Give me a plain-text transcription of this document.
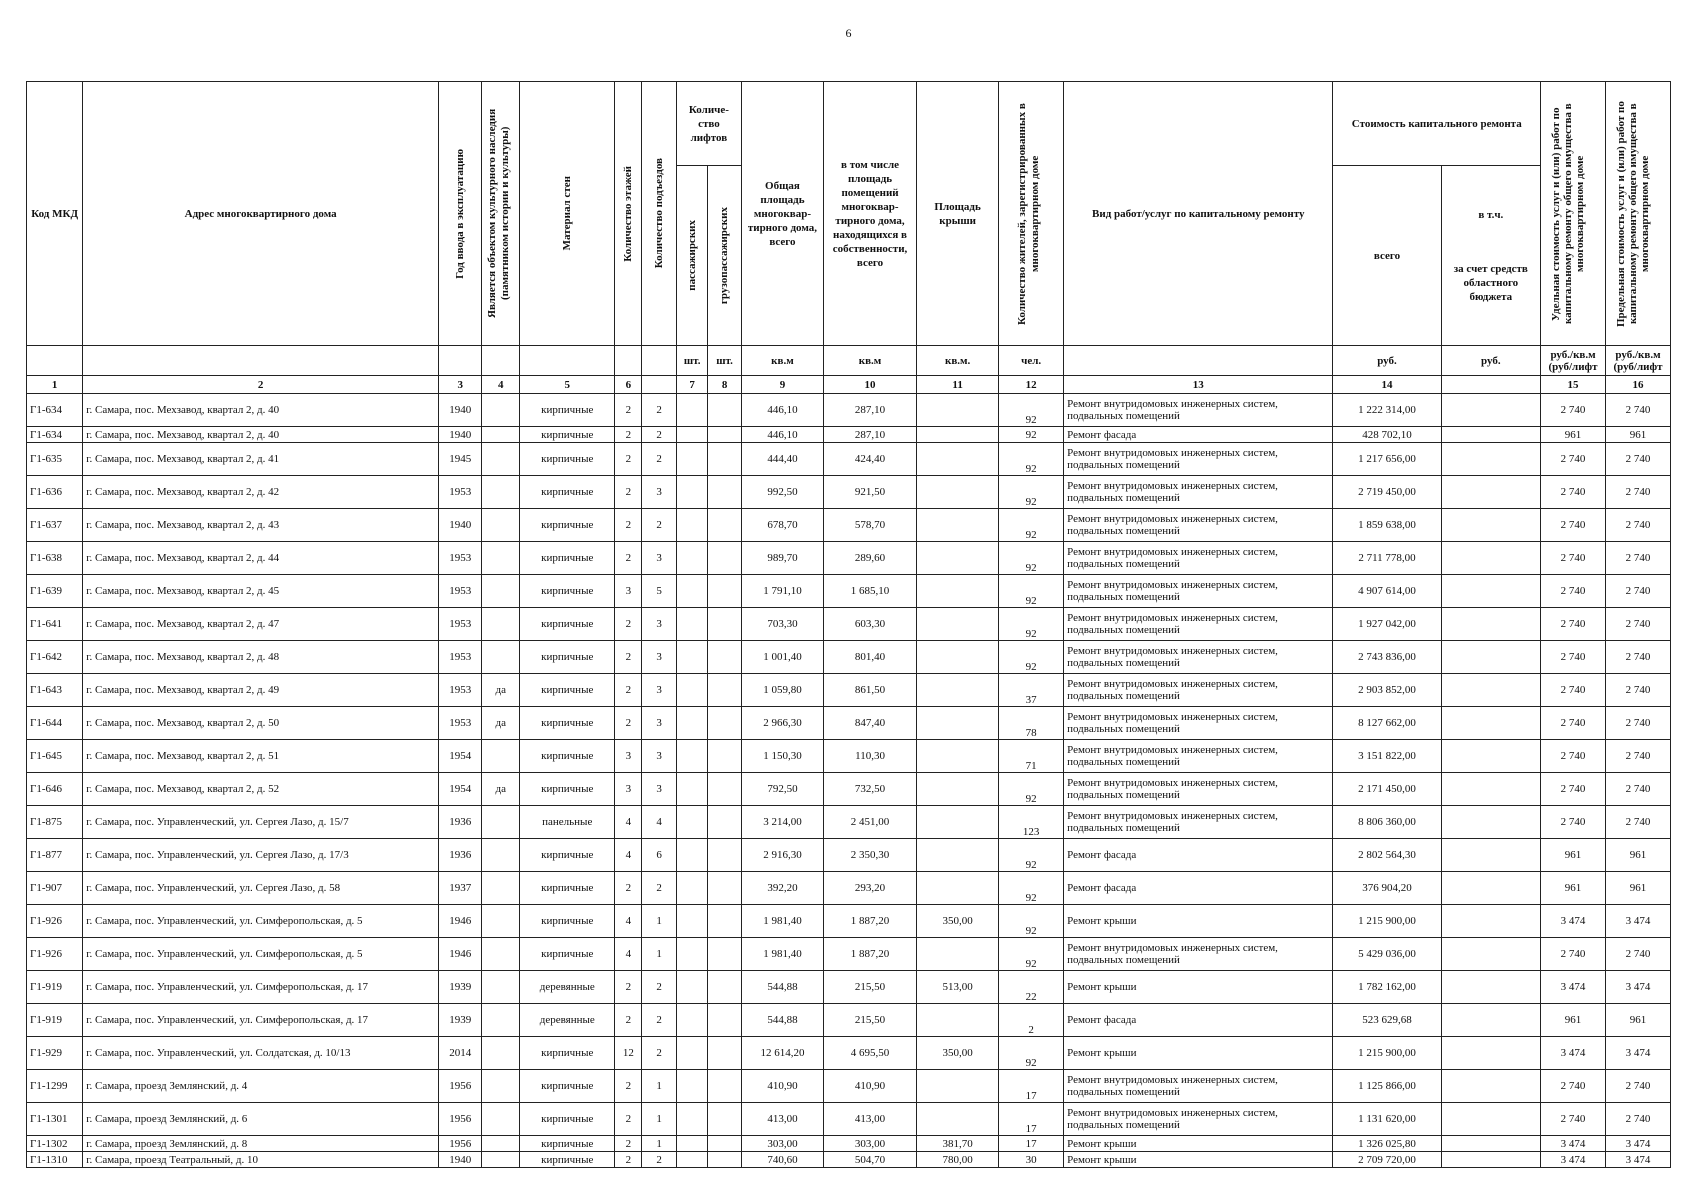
6
Код МКД	Адрес многоквартирного дома	Год ввода в эксплуатацию	Является объектом культурного наследия (памятником истории и культуры)	Материал стен	Количество этажей	Количество подъездов	Количе-ство лифтов		Общая площадь многоквар-тирного дома, всего	в том числе площадь помещений многоквар-тирного дома, находящихся в собственности, всего	Площадь крыши	Количество жителей, зарегистрированных в многоквартирном доме	Вид работ/услуг по капитальному ремонту	Стоимость капитального ремонта		Удельная стоимость услуг и (или) работ по капитальному ремонту общего имущества в многоквартирном доме	Предельная стоимость услуг и (или) работ по капитальному ремонту общего имущества в многоквартирном доме

							пассажирских	грузопассажирских						всего	в т.ч.
за счет средств областного бюджета		

							шт.	шт.	кв.м	кв.м	кв.м.	чел.		руб.	руб.	руб./кв.м (руб/лифт	руб./кв.м (руб/лифт
1	2	3	4	5	6		7	8	9	10	11	12	13	14		15	16
Г1-634	г. Самара, пос. Мехзавод, квартал 2, д. 40	1940		кирпичные	2	2			446,10	287,10		92	Ремонт внутридомовых инженерных систем, подвальных помещений	1 222 314,00		2 740	2 740
Г1-634	г. Самара, пос. Мехзавод, квартал 2, д. 40	1940		кирпичные	2	2			446,10	287,10		92	Ремонт фасада	428 702,10		961	961
Г1-635	г. Самара, пос. Мехзавод, квартал 2, д. 41	1945		кирпичные	2	2			444,40	424,40		92	Ремонт внутридомовых инженерных систем, подвальных помещений	1 217 656,00		2 740	2 740
Г1-636	г. Самара, пос. Мехзавод, квартал 2, д. 42	1953		кирпичные	2	3			992,50	921,50		92	Ремонт внутридомовых инженерных систем, подвальных помещений	2 719 450,00		2 740	2 740
Г1-637	г. Самара, пос. Мехзавод, квартал 2, д. 43	1940		кирпичные	2	2			678,70	578,70		92	Ремонт внутридомовых инженерных систем, подвальных помещений	1 859 638,00		2 740	2 740
Г1-638	г. Самара, пос. Мехзавод, квартал 2, д. 44	1953		кирпичные	2	3			989,70	289,60		92	Ремонт внутридомовых инженерных систем, подвальных помещений	2 711 778,00		2 740	2 740
Г1-639	г. Самара, пос. Мехзавод, квартал 2, д. 45	1953		кирпичные	3	5			1 791,10	1 685,10		92	Ремонт внутридомовых инженерных систем, подвальных помещений	4 907 614,00		2 740	2 740
Г1-641	г. Самара, пос. Мехзавод, квартал 2, д. 47	1953		кирпичные	2	3			703,30	603,30		92	Ремонт внутридомовых инженерных систем, подвальных помещений	1 927 042,00		2 740	2 740
Г1-642	г. Самара, пос. Мехзавод, квартал 2, д. 48	1953		кирпичные	2	3			1 001,40	801,40		92	Ремонт внутридомовых инженерных систем, подвальных помещений	2 743 836,00		2 740	2 740
Г1-643	г. Самара, пос. Мехзавод, квартал 2, д. 49	1953	да	кирпичные	2	3			1 059,80	861,50		37	Ремонт внутридомовых инженерных систем, подвальных помещений	2 903 852,00		2 740	2 740
Г1-644	г. Самара, пос. Мехзавод, квартал 2, д. 50	1953	да	кирпичные	2	3			2 966,30	847,40		78	Ремонт внутридомовых инженерных систем, подвальных помещений	8 127 662,00		2 740	2 740
Г1-645	г. Самара, пос. Мехзавод, квартал 2, д. 51	1954		кирпичные	3	3			1 150,30	110,30		71	Ремонт внутридомовых инженерных систем, подвальных помещений	3 151 822,00		2 740	2 740
Г1-646	г. Самара, пос. Мехзавод, квартал 2, д. 52	1954	да	кирпичные	3	3			792,50	732,50		92	Ремонт внутридомовых инженерных систем, подвальных помещений	2 171 450,00		2 740	2 740
Г1-875	г. Самара, пос. Управленческий, ул. Сергея Лазо, д. 15/7	1936		панельные	4	4			3 214,00	2 451,00		123	Ремонт внутридомовых инженерных систем, подвальных помещений	8 806 360,00		2 740	2 740
Г1-877	г. Самара, пос. Управленческий, ул. Сергея Лазо, д. 17/3	1936		кирпичные	4	6			2 916,30	2 350,30		92	Ремонт фасада	2 802 564,30		961	961
Г1-907	г. Самара, пос. Управленческий, ул. Сергея Лазо, д. 58	1937		кирпичные	2	2			392,20	293,20		92	Ремонт фасада	376 904,20		961	961
Г1-926	г. Самара, пос. Управленческий, ул. Симферопольская, д. 5	1946		кирпичные	4	1			1 981,40	1 887,20	350,00	92	Ремонт крыши	1 215 900,00		3 474	3 474
Г1-926	г. Самара, пос. Управленческий, ул. Симферопольская, д. 5	1946		кирпичные	4	1			1 981,40	1 887,20		92	Ремонт внутридомовых инженерных систем, подвальных помещений	5 429 036,00		2 740	2 740
Г1-919	г. Самара, пос. Управленческий, ул. Симферопольская, д. 17	1939		деревянные	2	2			544,88	215,50	513,00	22	Ремонт крыши	1 782 162,00		3 474	3 474
Г1-919	г. Самара, пос. Управленческий, ул. Симферопольская, д. 17	1939		деревянные	2	2			544,88	215,50		2	Ремонт фасада	523 629,68		961	961
Г1-929	г. Самара, пос. Управленческий, ул. Солдатская, д. 10/13	2014		кирпичные	12	2			12 614,20	4 695,50	350,00	92	Ремонт крыши	1 215 900,00		3 474	3 474
Г1-1299	г. Самара, проезд Землянский, д. 4	1956		кирпичные	2	1			410,90	410,90		17	Ремонт внутридомовых инженерных систем, подвальных помещений	1 125 866,00		2 740	2 740
Г1-1301	г. Самара, проезд Землянский, д. 6	1956		кирпичные	2	1			413,00	413,00		17	Ремонт внутридомовых инженерных систем, подвальных помещений	1 131 620,00		2 740	2 740
Г1-1302	г. Самара, проезд Землянский, д. 8	1956		кирпичные	2	1			303,00	303,00	381,70	17	Ремонт крыши	1 326 025,80		3 474	3 474
Г1-1310	г. Самара, проезд Театральный, д. 10	1940		кирпичные	2	2			740,60	504,70	780,00	30	Ремонт крыши	2 709 720,00		3 474	3 474
